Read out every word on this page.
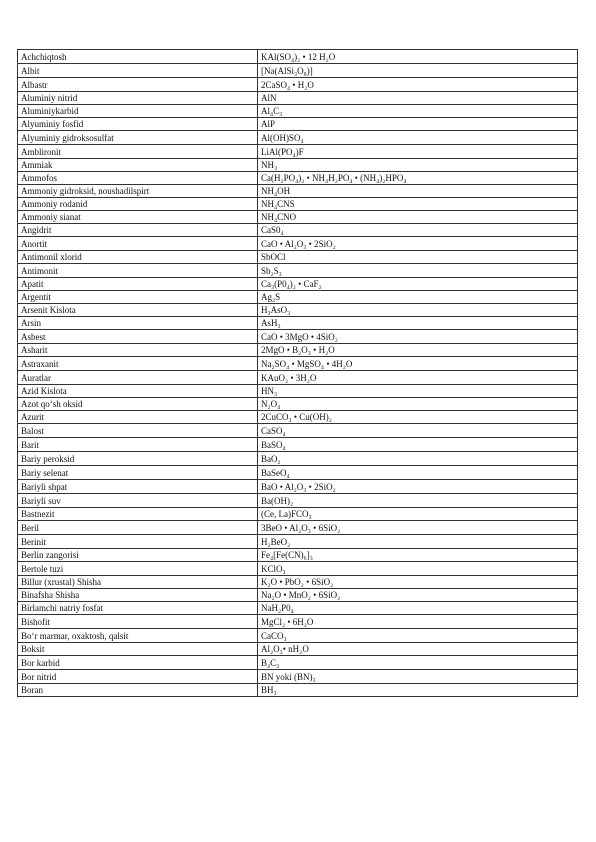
Achchiqtosh	KAl(SO₄)₂ • 12 H₂O
Albit	[Na(AlSi₃O₈)]
Albastr	2CaSO₄ • H₂O
Aluminiy nitrid	AlN
Aluminiykarbid	Al₄C₃
Alyuminiy fosfid	AlP
Alyuminiy gidroksosulfat	Al(OH)SO₄
Amblironit	LiAl(PO₄)F
Ammiak	NH₃
Ammofos	Ca(H₂PO₄)₂ • NH₄H₂PO₄ • (NH₄)₂HPO₄
Ammoniy gidroksid, noushadilspirt	NH₄OH
Ammoniy rodanid	NH₄CNS
Ammoniy sianat	NH₄CNO
Angidrit	CaS0₄
Anortit	CaO • Al₂O₃ • 2SiO₂
Antimonil xlorid	SbOCl
Antimonit	Sb₂S₃
Apatit	Ca₃(P0₄)₂ • CaF₂
Argentit	Ag₂S
Arsenit Kislota	H₃AsO₃
Arsin	AsH₃
Asbest	CaO • 3MgO • 4SiO₂
Asharit	2MgO • B₂O₃ • H₂O
Astraxanit	Na₂SO₄ • MgSO₄ • 4H₂O
Auratlar	KAuO₂ • 3H₂O
Azid Kislota	HN₃
Azot qo‘sh oksid	N₂O₄
Azurit	2CuCO₃ • Cu(OH)₂
Balost	CaSO₄
Barit	BaSO₄
Bariy peroksid	BaO₂
Bariy selenat	BaSeO₄
Bariyli shpat	BaO • Al₂O₃ • 2SiO₂
Bariyli suv	Ba(OH)₂
Bastnezit	(Ce, La)FCO₃
Beril	3BeO • Al₂O₃ • 6SiO₂
Berinit	H₂BeO₂
Berlin zangorisi	Fe₄[Fe(CN)₆]₃
Bertole tuzi	KClO₃
Billur (xrustal) Shisha	K₂O • PbO₂ • 6SiO₂
Binafsha Shisha	Na₂O • MnO₂ • 6SiO₂
Birlamchi natriy fosfat	NaH₂P0₄
Bishofit	MgCl₂ • 6H₂O
Bo‘r marmar, oxaktosh, qalsit	CaCO₃
Boksit	Al₂O₃• nH₂O
Bor karbid	B₄C₃
Bor nitrid	BN yoki (BN)₃
Boran	BH₃
